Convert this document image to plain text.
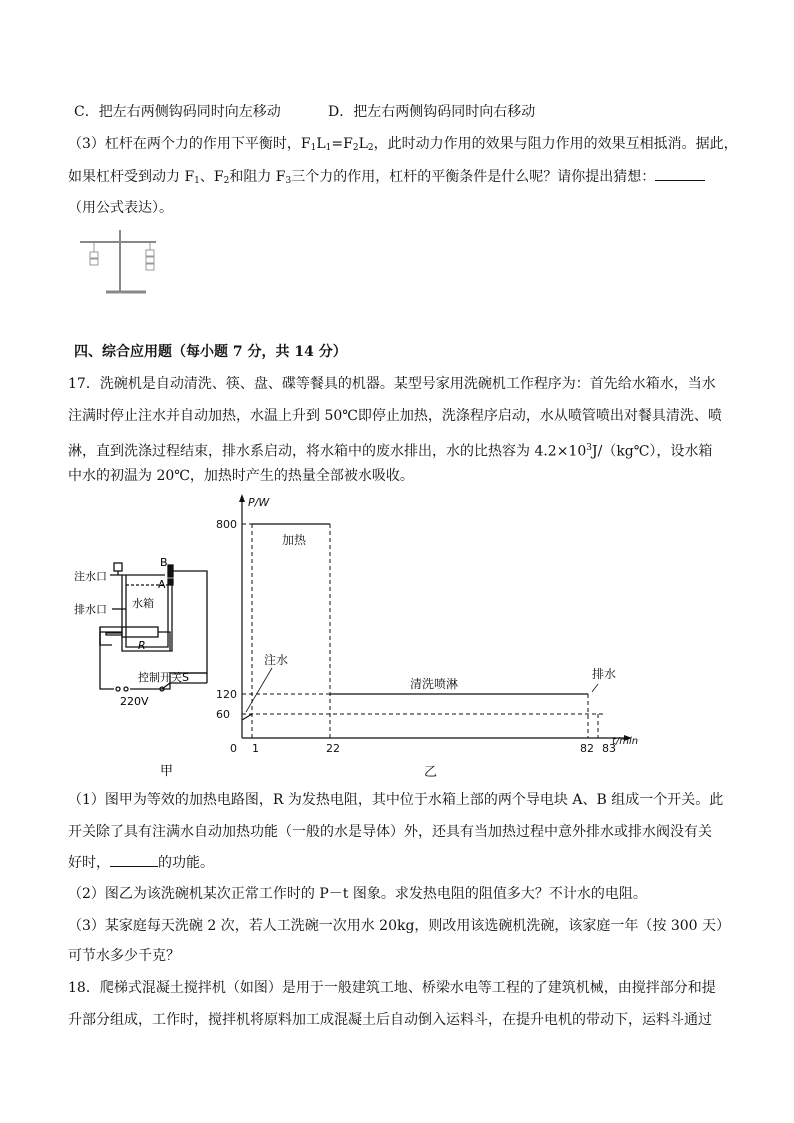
C．把左右两侧钩码同时向左移动	D．把左右两侧钩码同时向右移动
（3）杠杆在两个力的作用下平衡时，$F_1L_1=F_2L_2$，此时动力作用的效果与阻力作用的效果互相抵消。据此，
如果杠杆受到动力 $F_1$、$F_2$和阻力 $F_3$三个力的作用，杠杆的平衡条件是什么呢？请你提出猜想：
（用公式表达）。
四、综合应用题（每小题 7 分，共 14 分）
17．洗碗机是自动清洗、筷、盘、碟等餐具的机器。某型号家用洗碗机工作程序为：首先给水箱水，当水
注满时停止注水并自动加热，水温上升到 50℃即停止加热，洗涤程序启动，水从喷管喷出对餐具清洗、喷
淋，直到洗涤过程结束，排水系启动，将水箱中的废水排出，水的比热容为 $4.2\times 10^3J/(kg℃)$，设水箱
中水的初温为 20℃，加热时产生的热量全部被水吸收。
注水口
排水口 水箱
A
B
R
控制开关S
220V
甲
P/W
t/min
加热
清洗喷淋
注水
排水
0 1	22	82 83
800
120
60
乙
（1）图甲为等效的加热电路图，R 为发热电阻，其中位于水箱上部的两个导电块 A、B 组成一个开关。此
开关除了具有注满水自动加热功能（一般的水是导体）外，还具有当加热过程中意外排水或排水阀没有关
好时，	的功能。
（2）图乙为该洗碗机某次正常工作时的 P－t 图象。求发热电阻的阻值多大？不计水的电阻。
（3）某家庭每天洗碗 2 次，若人工洗碗一次用水 20kg，则改用该选碗机洗碗，该家庭一年（按 300 天）
可节水多少千克？
18．爬梯式混凝土搅拌机（如图）是用于一般建筑工地、桥梁水电等工程的了建筑机械，由搅拌部分和提
升部分组成，工作时，搅拌机将原料加工成混凝土后自动倒入运料斗，在提升电机的带动下，运料斗通过
